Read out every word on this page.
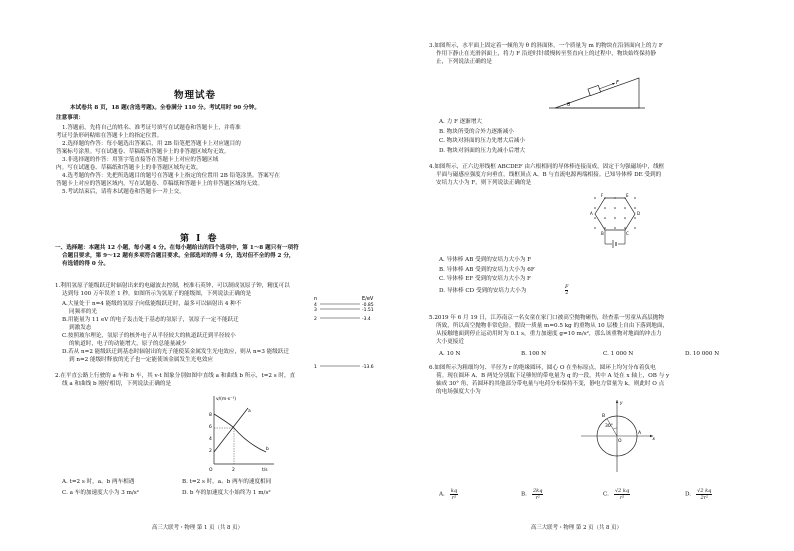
物理试卷
本试卷共 8 页，18 题(含选考题)。全卷满分 110 分。考试用时 90 分钟。
注意事项：
1.答题前，先将自己的姓名、准考证号填写在试题卷和答题卡上，并将准
考证号条形码粘贴在答题卡上的指定位置。
2.选择题的作答：每小题选出答案后，用 2B 铅笔把答题卡上对应题目的
答案标号涂黑。写在试题卷、草稿纸和答题卡上的非答题区域均无效。
3.非选择题的作答：用签字笔直接答在答题卡上对应的答题区域
内。写在试题卷、草稿纸和答题卡上的非答题区域均无效。
4.选考题的作答：先把所选题目的题号在答题卡上指定的位置用 2B 铅笔涂黑。答案写在
答题卡上对应的答题区域内，写在试题卷、草稿纸和答题卡上的非答题区域均无效。
5.考试结束后，请将本试题卷和答题卡一并上交。
第 Ⅰ 卷
一、选择题：本题共 12 小题，每小题 4 分。在每小题给出的四个选项中，第 1～8 题只有一项符
合题目要求，第 9～12 题有多项符合题目要求。全部选对的得 4 分，选对但不全的得 2 分，
有选错的得 0 分。
1.利用氢原子能级跃迁时辐射出来的电磁波去控制，校准石英钟，可以制成氢原子钟，精度可以
达到每 100 万年误差 1 秒。如图所示为氢原子的能级图，下列说法正确的是
A.大量处于 n=4 能级的氢原子向低能级跃迁时，最多可以辐射出 4 种不
同频率的光
B.用能量为 11 eV 的电子轰击处于基态的氢原子，氢原子一定不能跃迁
到激发态
C.按照玻尔理论，氢原子的核外电子从半径较大的轨道跃迁到半径较小
的轨道时，电子的动能增大，原子的总能量减少
D.若从 n=2 能级跃迁到基态时辐射出的光子能使某金属发生光电效应，则从 n=3 能级跃迁
到 n=2 能级时释放的光子也一定能使该金属发生光电效应
n	E/eV
4	-0.85
3	-1.51
2	-3.4
1	-13.6
2.在平直公路上行驶的 a 车和 b 车，其 v-t 图象分别如图中直线 a 和曲线 b 所示，t=2 s 时，直
线 a 和曲线 b 刚好相切，下列说法正确的是
v/(m·s⁻¹)
t/s
8
6
4
2
2
O
a
b
A. t=2 s 时，a、b 两车相遇	B. t=2 s 时，a、b 两车的速度相同
C. a 车的加速度大小为 3 m/s²	D. b 车的加速度大小始终为 1 m/s²
高三大联考・物理 第 1 页（共 8 页）
3.如图所示，水平面上固定着一倾角为 θ 的斜面体，一个质量为 m 的物块在沿斜面向上的力 F
作用下静止在光滑斜面上，将力 F 沿逆时针缓慢转至竖直向上的过程中，物块始终保持静
止，下列说法正确的是
F
θ
A. 力 F 逐渐增大
B. 物块所受的合外力逐渐减小
C. 物块对斜面的压力先增大后减小
D. 物块对斜面的压力先减小后增大
4.如图所示，正六边形线框 ABCDEF 由六根相同的导体棒连接而成，固定于匀强磁场中，线框
平面与磁感应强度方向垂直，线框顶点 A、B 与直流电源两端相接。已知导体棒 DE 受到的
安培力大小为 F，则下列说法正确的是
F	E
D
C
B
A
A. 导体棒 AB 受到的安培力大小为 F
B. 导体棒 AB 受到的安培力大小为 6F
C. 导体棒 EF 受到的安培力大小为 F
D. 导体棒 CD 受到的安培力大小为	$\frac{F}{2}$
5.2019 年 6 月 19 日，江苏南京一名女童在家门口被高空抛物砸伤，经查系一男童从高层抛物
所致，所以高空抛物非常危险。假设一质量 m=0.5 kg 的重物从 10 层楼上自由下落到地面，
从接触地面到停止运动用时为 0.1 s，重力加速度 g=10 m/s²，那么该重物对地面的冲击力
大小更接近
A. 10 N	B. 100 N	C. 1 000 N	D. 10 000 N
6.如图所示为粗细均匀、半径为 r 的绝缘圆环，圆心 O 在坐标原点，圆环上均匀分布着负电
荷。现在圆环 A、B 两处分别取下足够短的带电量为 q 的一段，其中 A 处在 x 轴上，OB 与 y
轴成 30° 角，若圆环的其他部分带电量与电荷分布保持不变，静电力常量为 k，则此时 O 点
的电场强度大小为
30°
x
y
O
A
B
A. $\frac{kq}{\text{r²}}$	B. $\frac{2kq}{\text{r²}}$	C. $\frac{√2 kq}{\text{r²}}$	D. $\frac{√2 kq}{\text{2r²}}$
高三大联考・物理 第 2 页（共 8 页）
